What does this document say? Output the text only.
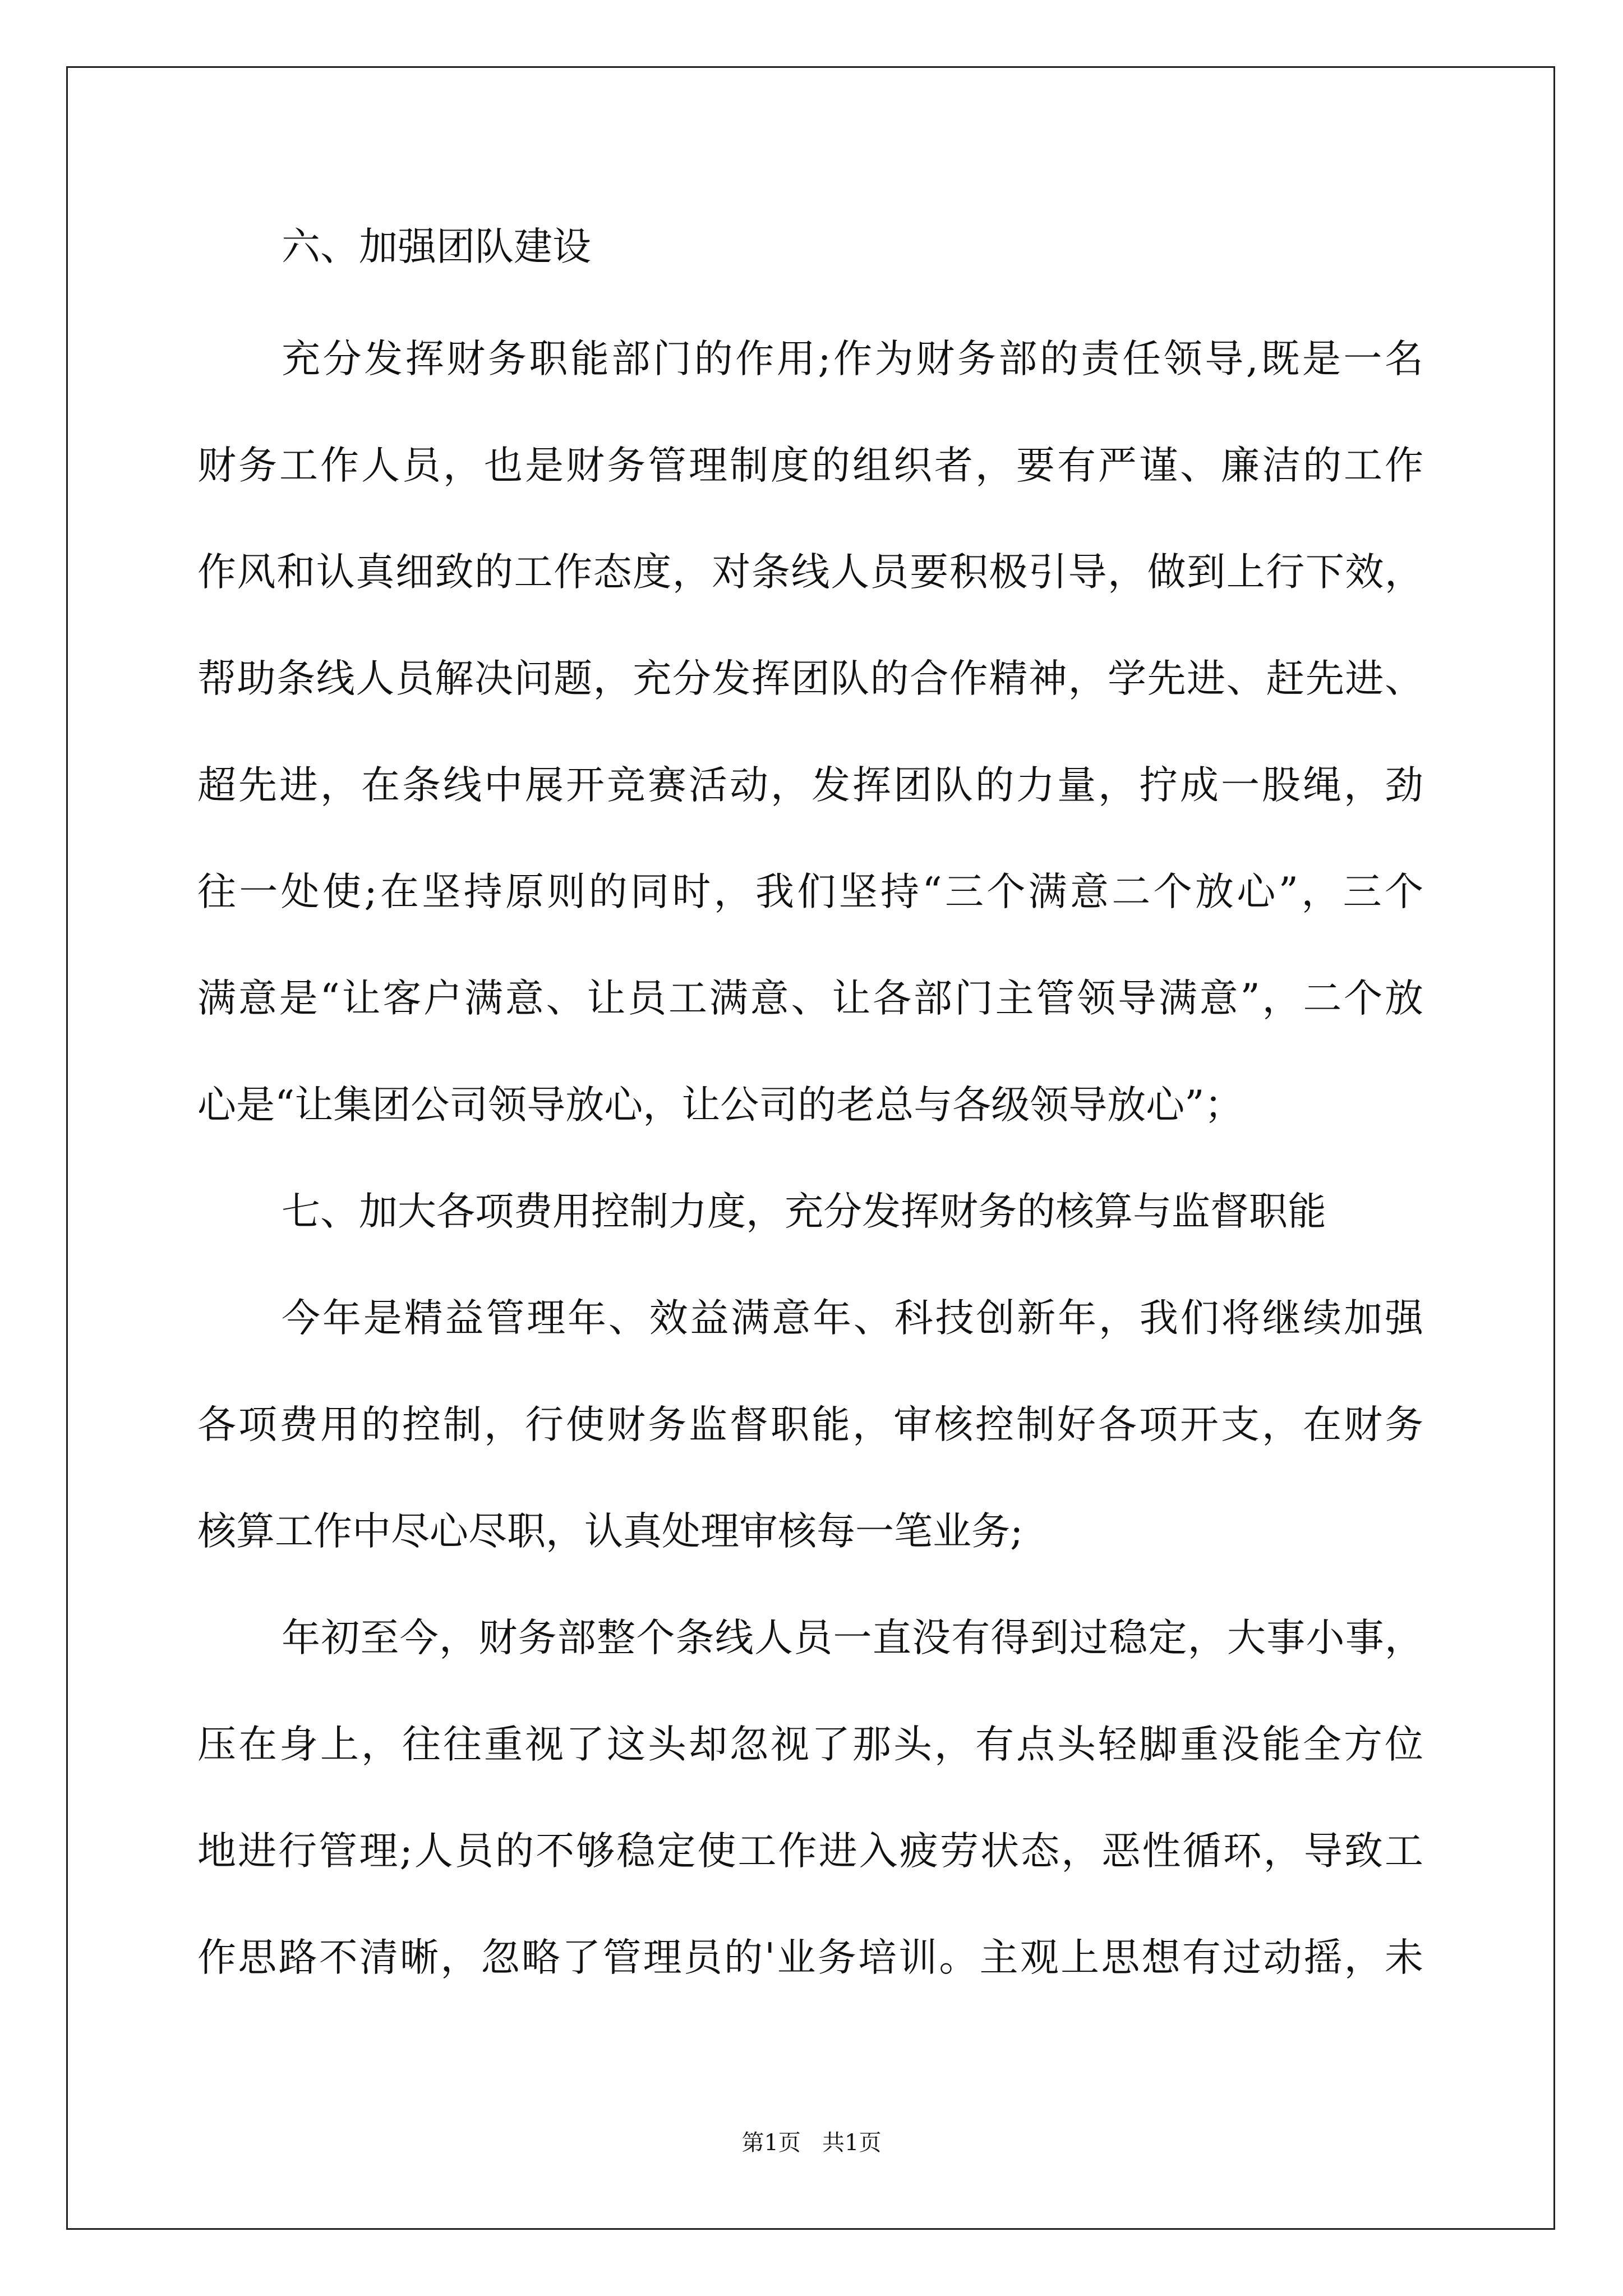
六、加强团队建设
充分发挥财务职能部门的作用;作为财务部的责任领导,既是一名
财务工作人员，也是财务管理制度的组织者，要有严谨、廉洁的工作
作风和认真细致的工作态度，对条线人员要积极引导，做到上行下效，
帮助条线人员解决问题，充分发挥团队的合作精神，学先进、赶先进、
超先进，在条线中展开竞赛活动，发挥团队的力量，拧成一股绳，劲
往一处使;在坚持原则的同时，我们坚持“三个满意二个放心”，三个
满意是“让客户满意、让员工满意、让各部门主管领导满意”，二个放
心是“让集团公司领导放心，让公司的老总与各级领导放心”；
七、加大各项费用控制力度，充分发挥财务的核算与监督职能
今年是精益管理年、效益满意年、科技创新年，我们将继续加强
各项费用的控制，行使财务监督职能，审核控制好各项开支，在财务
核算工作中尽心尽职，认真处理审核每一笔业务;
年初至今，财务部整个条线人员一直没有得到过稳定，大事小事，
压在身上，往往重视了这头却忽视了那头，有点头轻脚重没能全方位
地进行管理;人员的不够稳定使工作进入疲劳状态，恶性循环，导致工
作思路不清晰，忽略了管理员的'业务培训。主观上思想有过动摇，未
第1页   共1页
